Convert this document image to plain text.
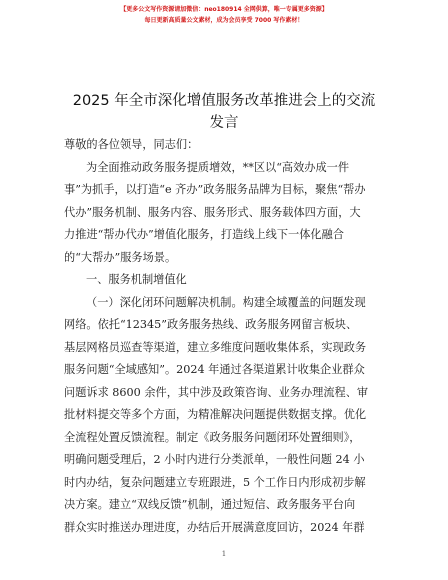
【更多公文写作资源请加微信：neo180914 全网供算，唯一专属更多资源】
每日更新高质量公文素材，成为会员享受 7000 写作素材！
2025 年全市深化增值服务改革推进会上的交流
发言
尊敬的各位领导，同志们：
为全面推动政务服务提质增效，**区以“高效办成一件
事”为抓手，以打造“e 齐办”政务服务品牌为目标，聚焦“帮办
代办”服务机制、服务内容、服务形式、服务载体四方面，大
力推进“帮办代办”增值化服务，打造线上线下一体化融合
的“大帮办”服务场景。
一、服务机制增值化
（一）深化闭环问题解决机制。构建全域覆盖的问题发现
网络。依托“12345”政务服务热线、政务服务网留言板块、
基层网格员巡查等渠道，建立多维度问题收集体系，实现政务
服务问题“全域感知”。2024 年通过各渠道累计收集企业群众
问题诉求 8600 余件，其中涉及政策咨询、业务办理流程、审
批材料提交等多个方面，为精准解决问题提供数据支撑。优化
全流程处置反馈流程。制定《政务服务问题闭环处置细则》，
明确问题受理后，2 小时内进行分类派单，一般性问题 24 小
时内办结，复杂问题建立专班跟进，5 个工作日内形成初步解
决方案。建立“双线反馈”机制，通过短信、政务服务平台向
群众实时推送办理进度，办结后开展满意度回访，2024 年群
1
